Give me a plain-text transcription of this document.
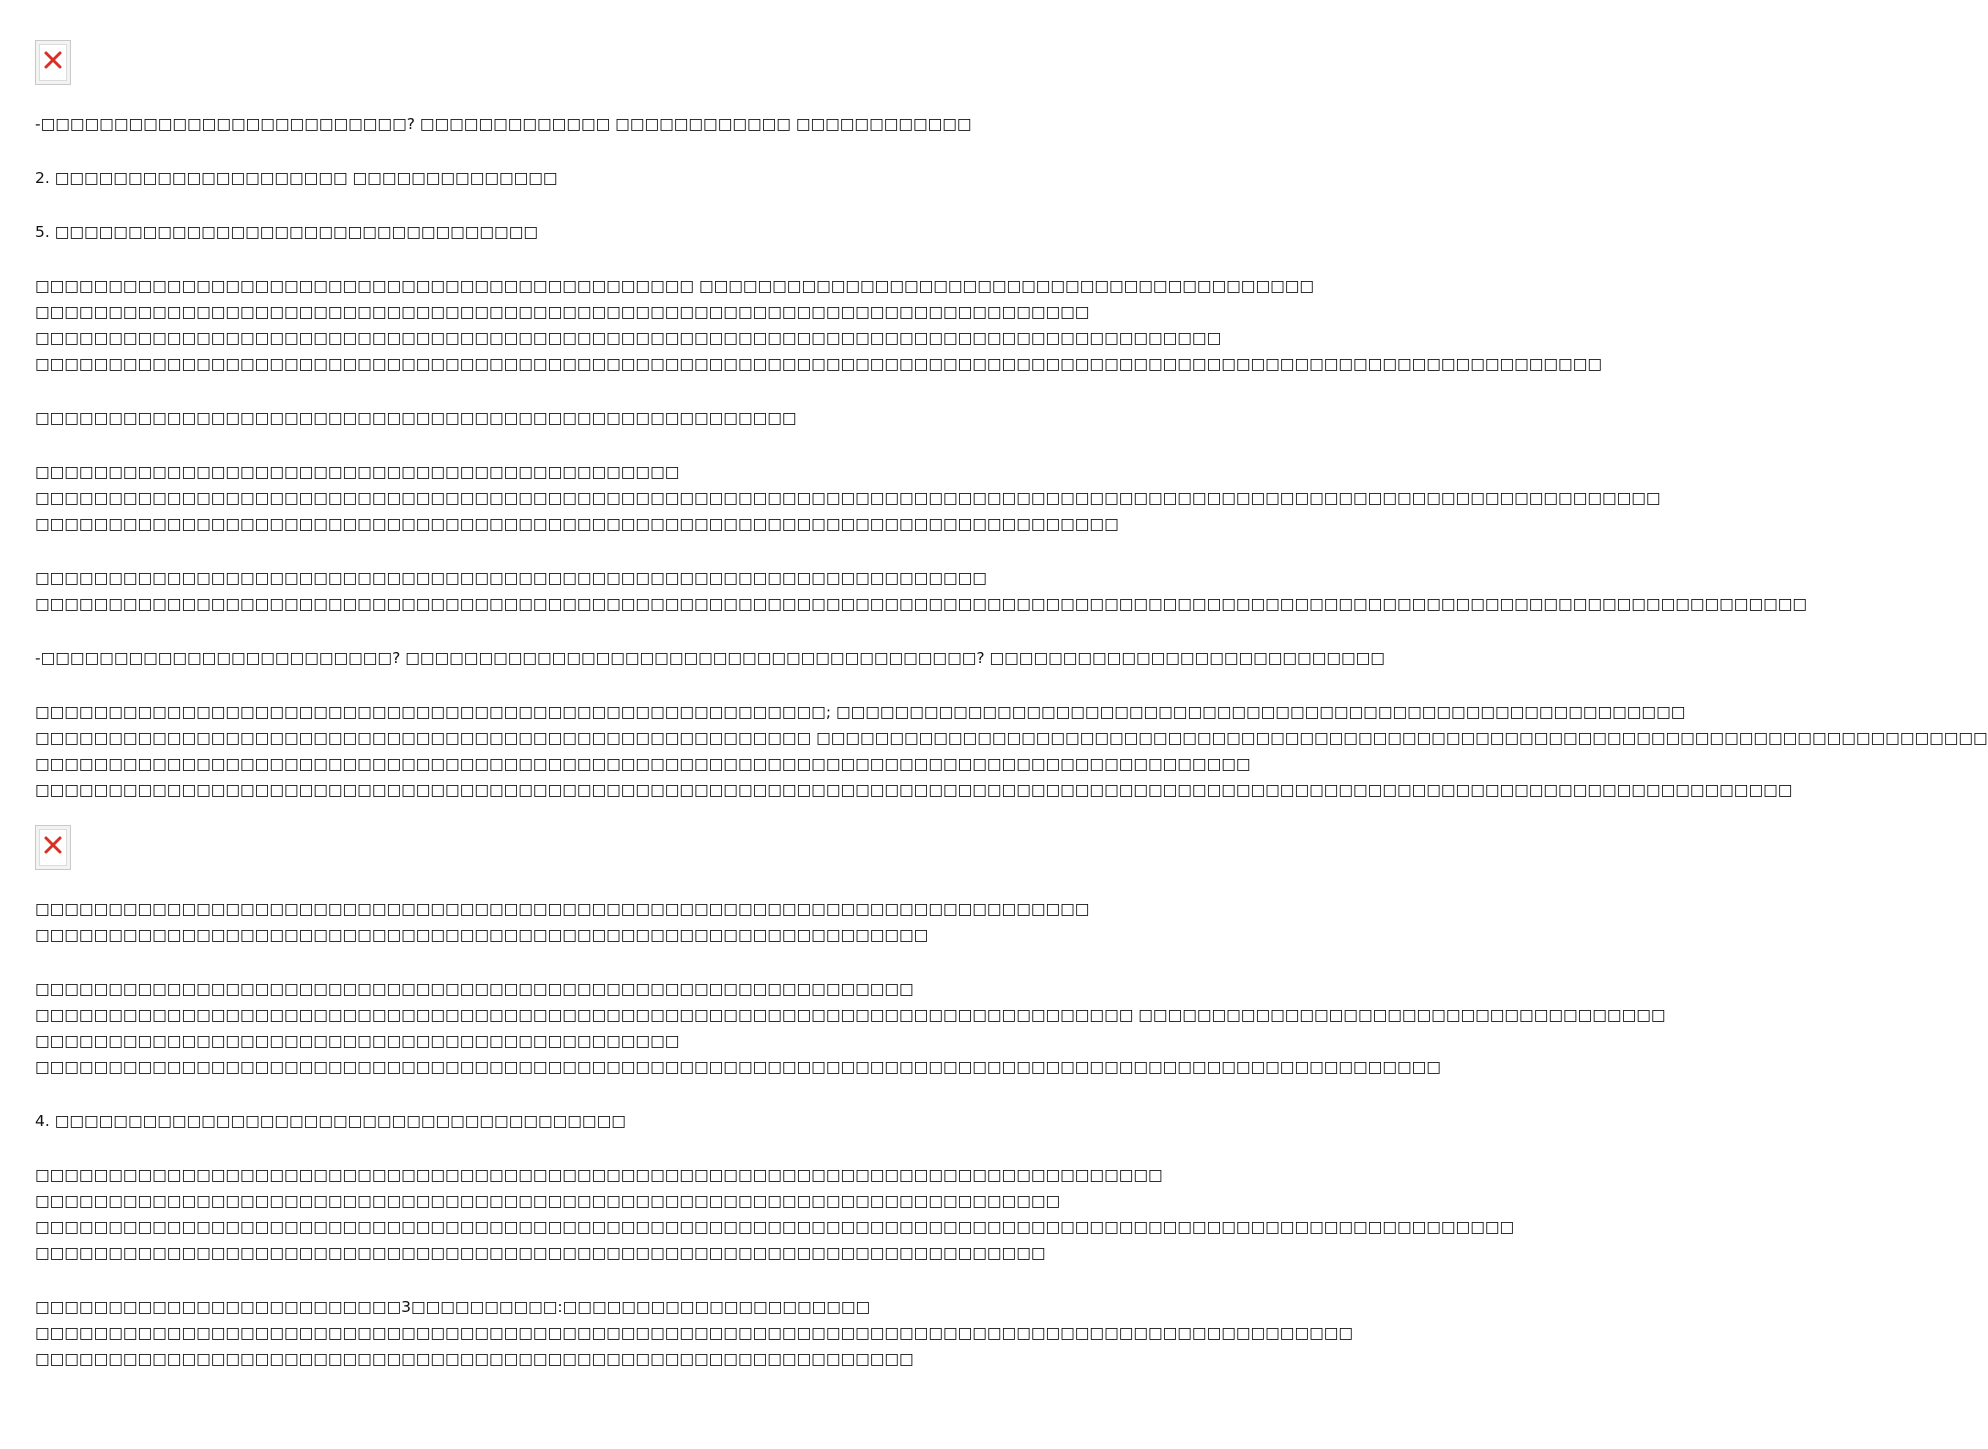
-□□□□□□□□□□□□□□□□□□□□□□□□□? □□□□□□□□□□□□□ □□□□□□□□□□□□ □□□□□□□□□□□□

2. □□□□□□□□□□□□□□□□□□□□ □□□□□□□□□□□□□□

5. □□□□□□□□□□□□□□□□□□□□□□□□□□□□□□□□□

□□□□□□□□□□□□□□□□□□□□□□□□□□□□□□□□□□□□□□□□□□□□□ □□□□□□□□□□□□□□□□□□□□□□□□□□□□□□□□□□□□□□□□□□

□□□□□□□□□□□□□□□□□□□□□□□□□□□□□□□□□□□□□□□□□□□□□□□□□□□□□□□□□□□□□□□□□□□□□□□□

□□□□□□□□□□□□□□□□□□□□□□□□□□□□□□□□□□□□□□□□□□□□□□□□□□□□□□□□□□□□□□□□□□□□□□□□□□□□□□□□□

□□□□□□□□□□□□□□□□□□□□□□□□□□□□□□□□□□□□□□□□□□□□□□□□□□□□□□□□□□□□□□□□□□□□□□□□□□□□□□□□□□□□□□□□□□□□□□□□□□□□□□□□□□□

□□□□□□□□□□□□□□□□□□□□□□□□□□□□□□□□□□□□□□□□□□□□□□□□□□□□

□□□□□□□□□□□□□□□□□□□□□□□□□□□□□□□□□□□□□□□□□□□□

□□□□□□□□□□□□□□□□□□□□□□□□□□□□□□□□□□□□□□□□□□□□□□□□□□□□□□□□□□□□□□□□□□□□□□□□□□□□□□□□□□□□□□□□□□□□□□□□□□□□□□□□□□□□□□□

□□□□□□□□□□□□□□□□□□□□□□□□□□□□□□□□□□□□□□□□□□□□□□□□□□□□□□□□□□□□□□□□□□□□□□□□□□

□□□□□□□□□□□□□□□□□□□□□□□□□□□□□□□□□□□□□□□□□□□□□□□□□□□□□□□□□□□□□□□□□

□□□□□□□□□□□□□□□□□□□□□□□□□□□□□□□□□□□□□□□□□□□□□□□□□□□□□□□□□□□□□□□□□□□□□□□□□□□□□□□□□□□□□□□□□□□□□□□□□□□□□□□□□□□□□□□□□□□□□□□□□

-□□□□□□□□□□□□□□□□□□□□□□□□? □□□□□□□□□□□□□□□□□□□□□□□□□□□□□□□□□□□□□□□? □□□□□□□□□□□□□□□□□□□□□□□□□□□

□□□□□□□□□□□□□□□□□□□□□□□□□□□□□□□□□□□□□□□□□□□□□□□□□□□□□□; □□□□□□□□□□□□□□□□□□□□□□□□□□□□□□□□□□□□□□□□□□□□□□□□□□□□□□□□□□

□□□□□□□□□□□□□□□□□□□□□□□□□□□□□□□□□□□□□□□□□□□□□□□□□□□□□ □□□□□□□□□□□□□□□□□□□□□□□□□□□□□□□□□□□□□□□□□□□□□□□□□□□□□□□□□□□□□□□□□□□□□□□□□□□□□□□□

□□□□□□□□□□□□□□□□□□□□□□□□□□□□□□□□□□□□□□□□□□□□□□□□□□□□□□□□□□□□□□□□□□□□□□□□□□□□□□□□□□□

□□□□□□□□□□□□□□□□□□□□□□□□□□□□□□□□□□□□□□□□□□□□□□□□□□□□□□□□□□□□□□□□□□□□□□□□□□□□□□□□□□□□□□□□□□□□□□□□□□□□□□□□□□□□□□□□□□□□□□□□

□□□□□□□□□□□□□□□□□□□□□□□□□□□□□□□□□□□□□□□□□□□□□□□□□□□□□□□□□□□□□□□□□□□□□□□□

□□□□□□□□□□□□□□□□□□□□□□□□□□□□□□□□□□□□□□□□□□□□□□□□□□□□□□□□□□□□□

□□□□□□□□□□□□□□□□□□□□□□□□□□□□□□□□□□□□□□□□□□□□□□□□□□□□□□□□□□□□

□□□□□□□□□□□□□□□□□□□□□□□□□□□□□□□□□□□□□□□□□□□□□□□□□□□□□□□□□□□□□□□□□□□□□□□□□□□ □□□□□□□□□□□□□□□□□□□□□□□□□□□□□□□□□□□□

□□□□□□□□□□□□□□□□□□□□□□□□□□□□□□□□□□□□□□□□□□□□

□□□□□□□□□□□□□□□□□□□□□□□□□□□□□□□□□□□□□□□□□□□□□□□□□□□□□□□□□□□□□□□□□□□□□□□□□□□□□□□□□□□□□□□□□□□□□□□□

4. □□□□□□□□□□□□□□□□□□□□□□□□□□□□□□□□□□□□□□□

□□□□□□□□□□□□□□□□□□□□□□□□□□□□□□□□□□□□□□□□□□□□□□□□□□□□□□□□□□□□□□□□□□□□□□□□□□□□□

□□□□□□□□□□□□□□□□□□□□□□□□□□□□□□□□□□□□□□□□□□□□□□□□□□□□□□□□□□□□□□□□□□□□□□

□□□□□□□□□□□□□□□□□□□□□□□□□□□□□□□□□□□□□□□□□□□□□□□□□□□□□□□□□□□□□□□□□□□□□□□□□□□□□□□□□□□□□□□□□□□□□□□□□□□□□

□□□□□□□□□□□□□□□□□□□□□□□□□□□□□□□□□□□□□□□□□□□□□□□□□□□□□□□□□□□□□□□□□□□□□

□□□□□□□□□□□□□□□□□□□□□□□□□3□□□□□□□□□□:□□□□□□□□□□□□□□□□□□□□□

□□□□□□□□□□□□□□□□□□□□□□□□□□□□□□□□□□□□□□□□□□□□□□□□□□□□□□□□□□□□□□□□□□□□□□□□□□□□□□□□□□□□□□□□□□

□□□□□□□□□□□□□□□□□□□□□□□□□□□□□□□□□□□□□□□□□□□□□□□□□□□□□□□□□□□□
